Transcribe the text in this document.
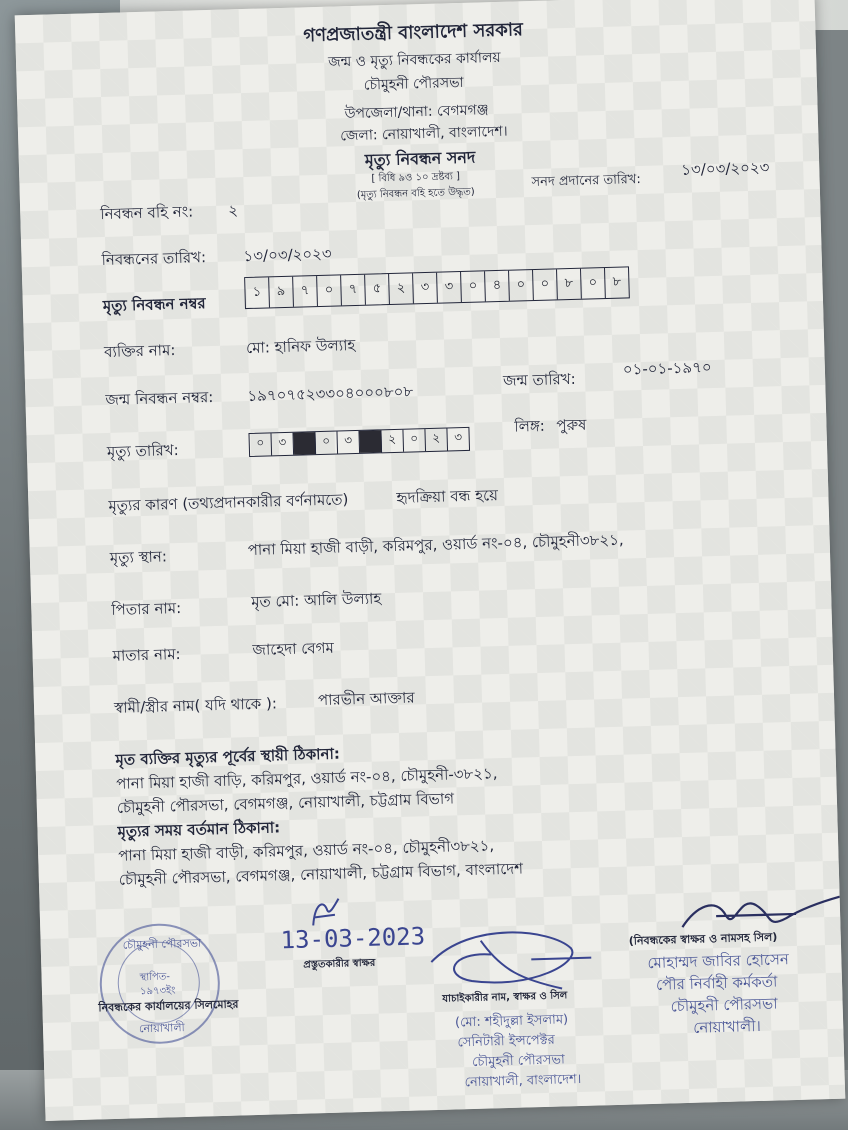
গণপ্রজাতন্ত্রী বাংলাদেশ সরকার
জন্ম ও মৃত্যু নিবন্ধকের কার্যালয়
চৌমুহনী পৌরসভা
উপজেলা/থানা: বেগমগঞ্জ
জেলা: নোয়াখালী, বাংলাদেশ।
মৃত্যু নিবন্ধন সনদ
[ বিধি ৯ও ১০ দ্রষ্টব্য ]
(মৃত্যু নিবন্ধন বহি হতে উদ্ধৃত)
সনদ প্রদানের তারিখ:
১৩/০৩/২০২৩
নিবন্ধন বহি নং: ২
নিবন্ধনের তারিখ: ১৩/০৩/২০২৩
মৃত্যু নিবন্ধন নম্বর
১	৯	৭	০	৭	৫	২	৩	৩	০	৪	০	০	৮	০	৮
ব্যক্তির নাম:	মো: হানিফ উল্যাহ
জন্ম নিবন্ধন নম্বর: ১৯৭০৭৫২৩৩০৪০০০৮০৮
জন্ম তারিখ:
০১-০১-১৯৭০
মৃত্যু তারিখ:	০	৩	০	৩	২	০	২	৩
লিঙ্গ: পুরুষ
মৃত্যুর কারণ (তথ্যপ্রদানকারীর বর্ণনামতে)	হৃদক্রিয়া বন্ধ হয়ে
মৃত্যু স্থান:	পানা মিয়া হাজী বাড়ী, করিমপুর, ওয়ার্ড নং-০৪, চৌমুহনী৩৮২১,
পিতার নাম:	মৃত মো: আলি উল্যাহ
মাতার নাম:	জাহেদা বেগম
স্বামী/স্ত্রীর নাম( যদি থাকে ):	পারভীন আক্তার
মৃত ব্যক্তির মৃত্যুর পূর্বের স্থায়ী ঠিকানা:
পানা মিয়া হাজী বাড়ি, করিমপুর, ওয়ার্ড নং-০৪, চৌমুহনী-৩৮২১,
চৌমুহনী পৌরসভা, বেগমগঞ্জ, নোয়াখালী, চট্টগ্রাম বিভাগ
মৃত্যুর সময় বর্তমান ঠিকানা:
পানা মিয়া হাজী বাড়ী, করিমপুর, ওয়ার্ড নং-০৪, চৌমুহনী৩৮২১,
চৌমুহনী পৌরসভা, বেগমগঞ্জ, নোয়াখালী, চট্টগ্রাম বিভাগ, বাংলাদেশ
চৌমুহনী পৌরসভা
স্থাপিত-
১৯৭৩ইং
নোয়াখালী
নিবন্ধকের কার্যালয়ের সিলমোহর
13-03-2023
প্রস্তুতকারীর স্বাক্ষর
যাচাইকারীর নাম, স্বাক্ষর ও সিল
(মো: শহীদুল্লা ইসলাম)
সেনিটারী ইন্সপেক্টর
চৌমুহনী পৌরসভা
নোয়াখালী, বাংলাদেশ।
(নিবন্ধকের স্বাক্ষর ও নামসহ সিল)
মোহাম্মদ জাবির হোসেন
পৌর নির্বাহী কর্মকর্তা
চৌমুহনী পৌরসভা
নোয়াখালী।
